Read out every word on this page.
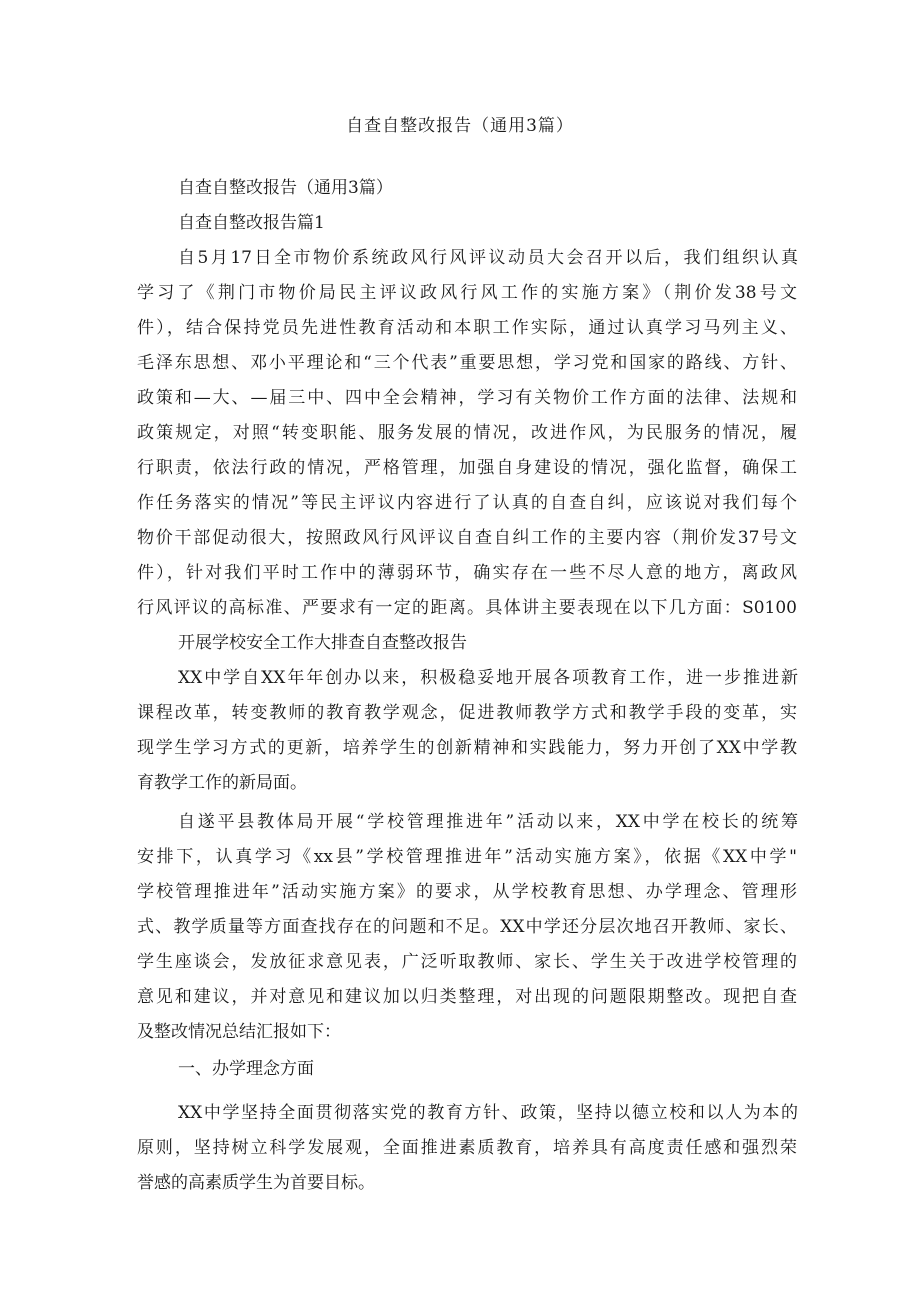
自查自整改报告（通用3篇）
自查自整改报告（通用3篇）
自查自整改报告篇1
自5月17日全市物价系统政风行风评议动员大会召开以后，我们组织认真
学习了《荆门市物价局民主评议政风行风工作的实施方案》（荆价发38号文
件），结合保持党员先进性教育活动和本职工作实际，通过认真学习马列主义、
毛泽东思想、邓小平理论和“三个代表”重要思想，学习党和国家的路线、方针、
政策和—大、—届三中、四中全会精神，学习有关物价工作方面的法律、法规和
政策规定，对照“转变职能、服务发展的情况，改进作风，为民服务的情况，履
行职责，依法行政的情况，严格管理，加强自身建设的情况，强化监督，确保工
作任务落实的情况”等民主评议内容进行了认真的自查自纠，应该说对我们每个
物价干部促动很大，按照政风行风评议自查自纠工作的主要内容（荆价发37号文
件），针对我们平时工作中的薄弱环节，确实存在一些不尽人意的地方，离政风
行风评议的高标准、严要求有一定的距离。具体讲主要表现在以下几方面：S0100
开展学校安全工作大排查自查整改报告
XX中学自XX年年创办以来，积极稳妥地开展各项教育工作，进一步推进新
课程改革，转变教师的教育教学观念，促进教师教学方式和教学手段的变革，实
现学生学习方式的更新，培养学生的创新精神和实践能力，努力开创了XX中学教
育教学工作的新局面。
自遂平县教体局开展“学校管理推进年”活动以来，XX中学在校长的统筹
安排下，认真学习《xx县”学校管理推进年”活动实施方案》，依据《XX中学"
学校管理推进年”活动实施方案》的要求，从学校教育思想、办学理念、管理形
式、教学质量等方面查找存在的问题和不足。XX中学还分层次地召开教师、家长、
学生座谈会，发放征求意见表，广泛听取教师、家长、学生关于改进学校管理的
意见和建议，并对意见和建议加以归类整理，对出现的问题限期整改。现把自查
及整改情况总结汇报如下：
一、办学理念方面
XX中学坚持全面贯彻落实党的教育方针、政策，坚持以德立校和以人为本的
原则，坚持树立科学发展观，全面推进素质教育，培养具有高度责任感和强烈荣
誉感的高素质学生为首要目标。
